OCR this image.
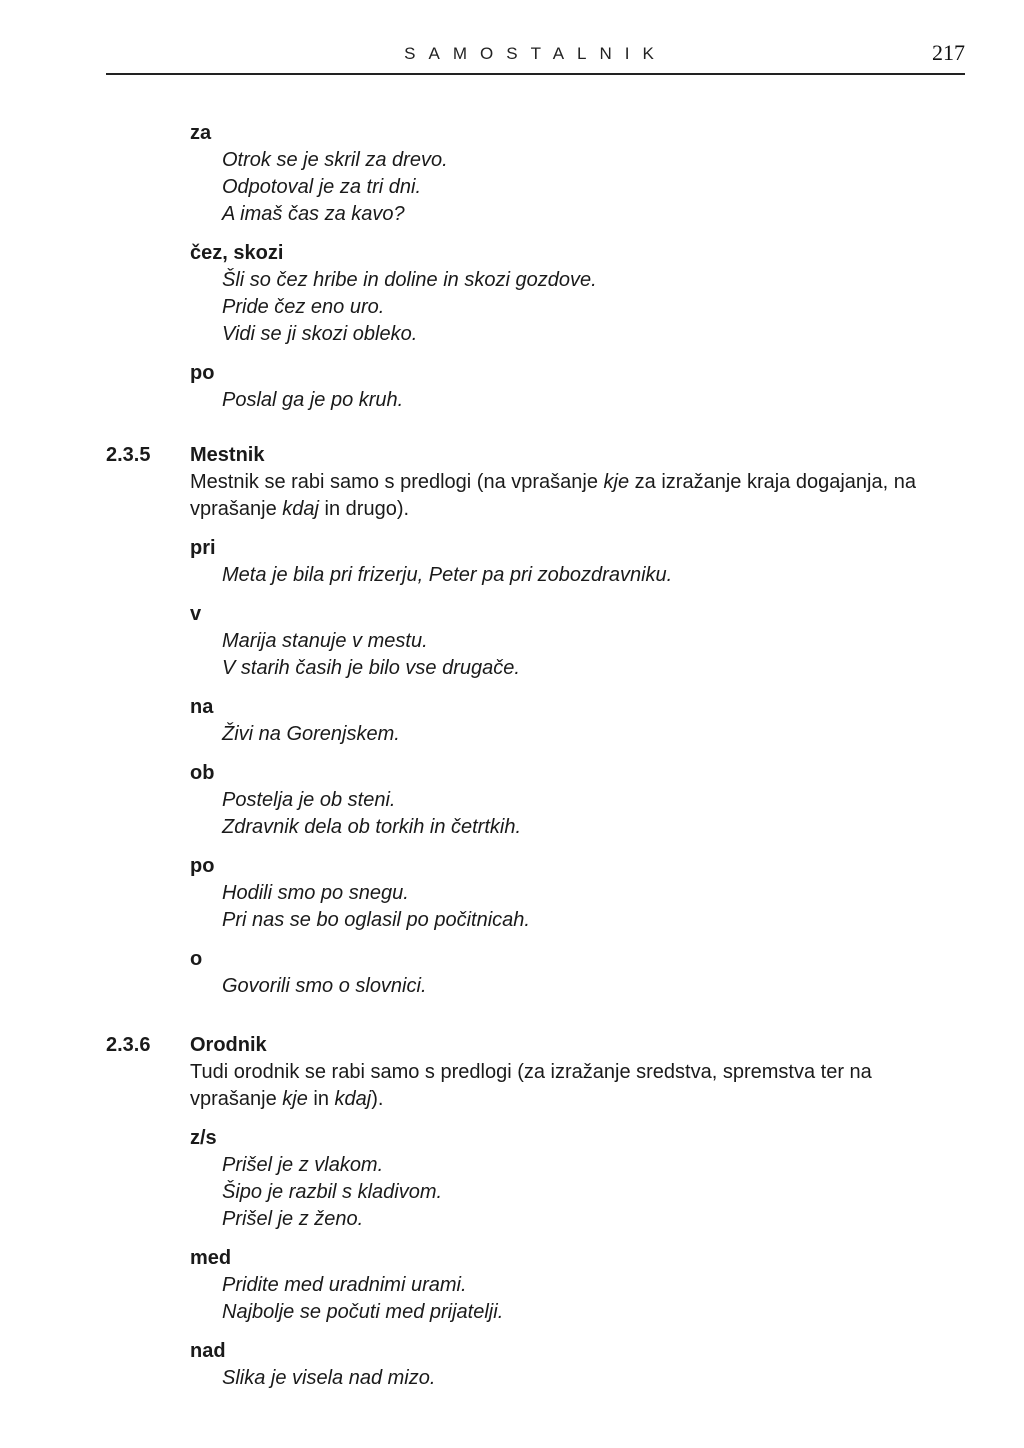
SAMOSTALNIK	217
za
Otrok se je skril za drevo.
Odpotoval je za tri dni.
A imaš čas za kavo?
čez, skozi
Šli so čez hribe in doline in skozi gozdove.
Pride čez eno uro.
Vidi se ji skozi obleko.
po
Poslal ga je po kruh.
2.3.5 Mestnik
Mestnik se rabi samo s predlogi (na vprašanje kje za izražanje kraja dogajanja, na vprašanje kdaj in drugo).
pri
Meta je bila pri frizerju, Peter pa pri zobozdravniku.
v
Marija stanuje v mestu.
V starih časih je bilo vse drugače.
na
Živi na Gorenjskem.
ob
Postelja je ob steni.
Zdravnik dela ob torkih in četrtkih.
po
Hodili smo po snegu.
Pri nas se bo oglasil po počitnicah.
o
Govorili smo o slovnici.
2.3.6 Orodnik
Tudi orodnik se rabi samo s predlogi (za izražanje sredstva, spremstva ter na vprašanje kje in kdaj).
z/s
Prišel je z vlakom.
Šipo je razbil s kladivom.
Prišel je z ženo.
med
Pridite med uradnimi urami.
Najbolje se počuti med prijatelji.
nad
Slika je visela nad mizo.
